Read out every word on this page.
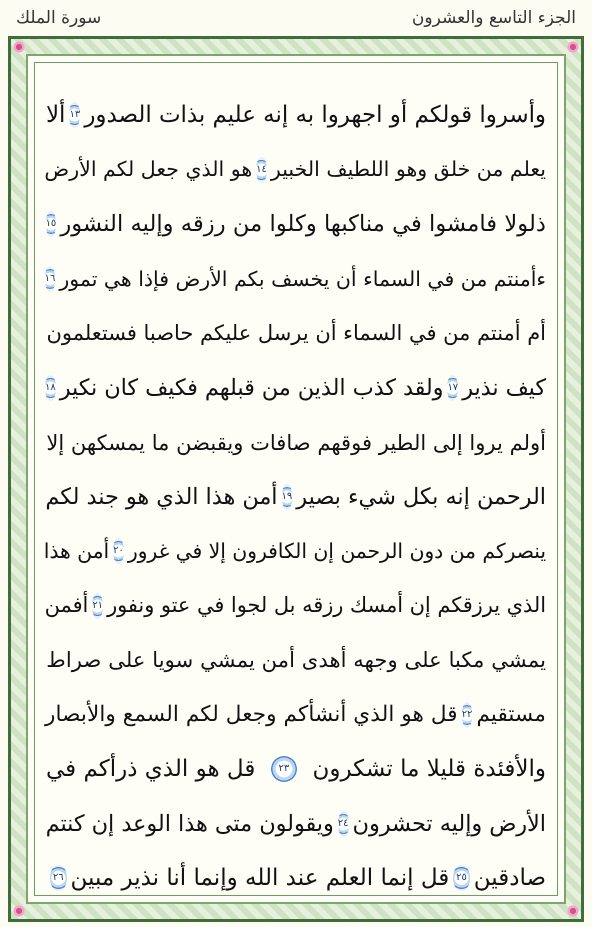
الجزء التاسع والعشرون
سورة الملك
وأسروا قولكم أو اجهروا به إنه عليم بذات الصدور
١٣
ألا
يعلم من خلق وهو اللطيف الخبير
١٤
هو الذي جعل لكم الأرض
ذلولا فامشوا في مناكبها وكلوا من رزقه وإليه النشور
١٥
ءأمنتم من في السماء أن يخسف بكم الأرض فإذا هي تمور
١٦
أم أمنتم من في السماء أن يرسل عليكم حاصبا فستعلمون
كيف نذير
١٧
ولقد كذب الذين من قبلهم فكيف كان نكير
١٨
أولم يروا إلى الطير فوقهم صافات ويقبضن ما يمسكهن إلا
الرحمن إنه بكل شيء بصير
١٩
أمن هذا الذي هو جند لكم
ينصركم من دون الرحمن إن الكافرون إلا في غرور
٢٠
أمن هذا
الذي يرزقكم إن أمسك رزقه بل لجوا في عتو ونفور
٢١
أفمن
يمشي مكبا على وجهه أهدى أمن يمشي سويا على صراط
مستقيم
٢٢
قل هو الذي أنشأكم وجعل لكم السمع والأبصار
والأفئدة قليلا ما تشكرون
٢٣
قل هو الذي ذرأكم في
الأرض وإليه تحشرون
٢٤
ويقولون متى هذا الوعد إن كنتم
صادقين
٢٥
قل إنما العلم عند الله وإنما أنا نذير مبين
٢٦
